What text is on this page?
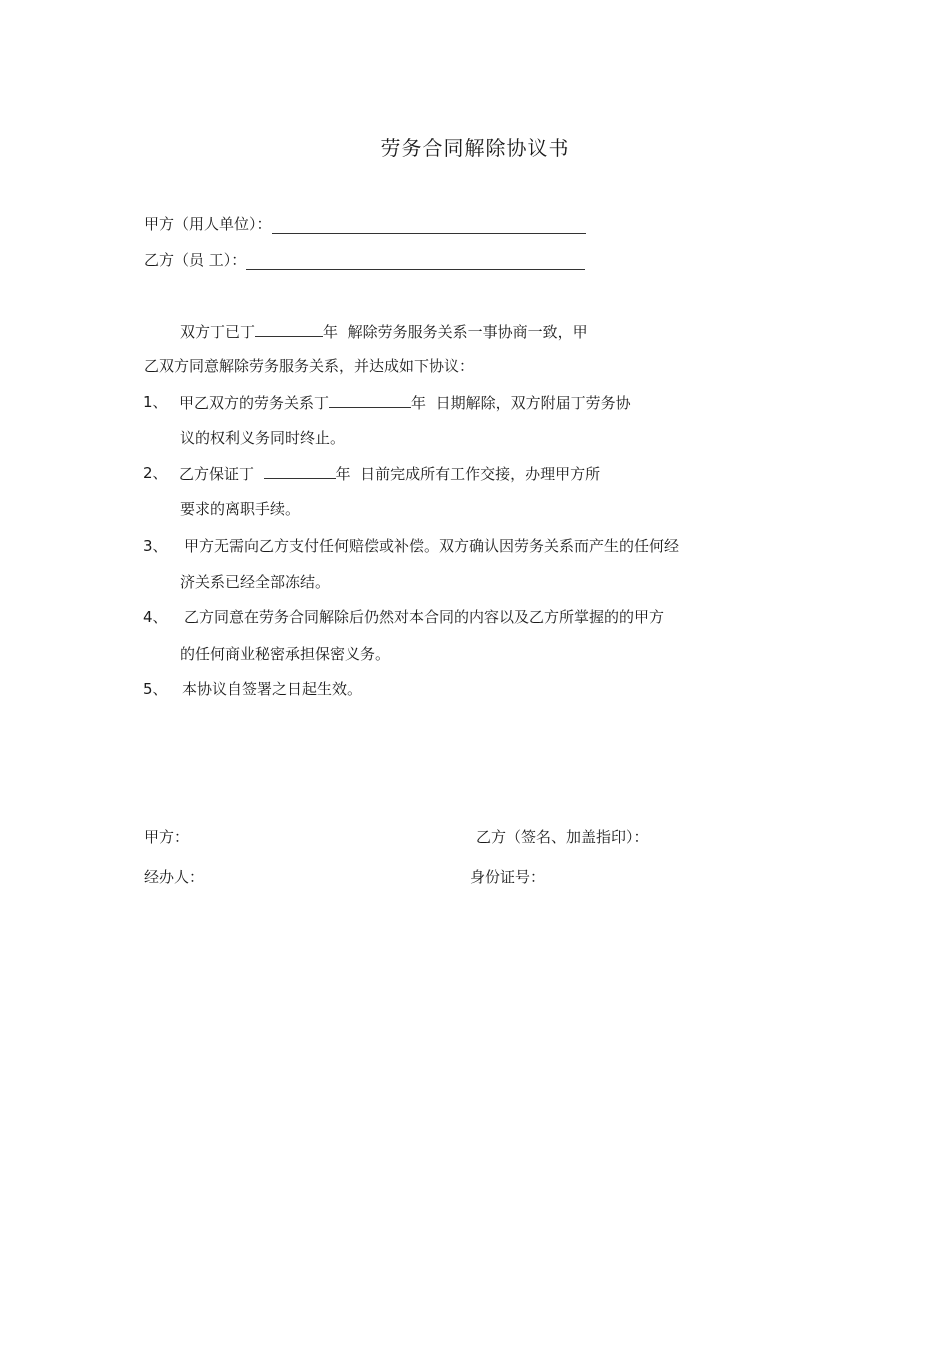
劳务合同解除协议书
甲方（用人单位）：
乙方（员 工）：
双方丁已丁	年 解除劳务服务关系一事协商一致，甲
乙双方同意解除劳务服务关系，并达成如下协议：
1、 甲乙双方的劳务关系丁	年 日期解除，双方附届丁劳务协
议的权利义务同时终止。
2、 乙方保证丁	年 日前完成所有工作交接，办理甲方所
要求的离职手续。
3、 甲方无需向乙方支付任何赔偿或补偿。双方确认因劳务关系而产生的任何经
济关系已经全部冻结。
4、 乙方同意在劳务合同解除后仍然对本合同的内容以及乙方所掌握的的甲方
的任何商业秘密承担保密义务。
5、 本协议自签署之日起生效。
甲方：	乙方（签名、加盖指印）：
经办人：	身份证号：
